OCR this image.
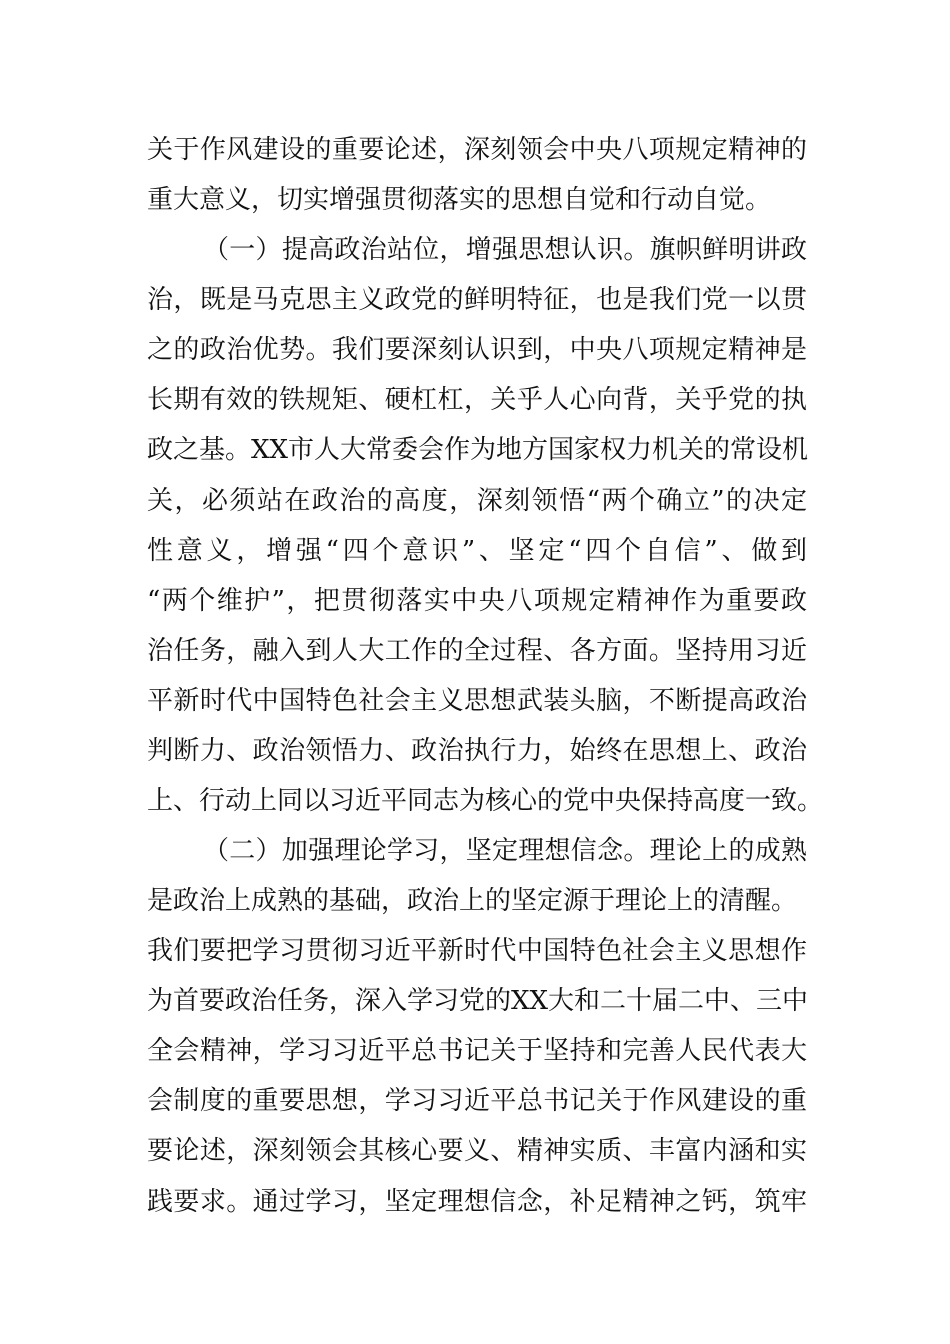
关于作风建设的重要论述，深刻领会中央八项规定精神的
重大意义，切实增强贯彻落实的思想自觉和行动自觉。
（一）提高政治站位，增强思想认识。旗帜鲜明讲政
治，既是马克思主义政党的鲜明特征，也是我们党一以贯
之的政治优势。我们要深刻认识到，中央八项规定精神是
长期有效的铁规矩、硬杠杠，关乎人心向背，关乎党的执
政之基。XX市人大常委会作为地方国家权力机关的常设机
关，必须站在政治的高度，深刻领悟“两个确立”的决定
性意义，增强“四个意识”、坚定“四个自信”、做到
“两个维护”，把贯彻落实中央八项规定精神作为重要政
治任务，融入到人大工作的全过程、各方面。坚持用习近
平新时代中国特色社会主义思想武装头脑，不断提高政治
判断力、政治领悟力、政治执行力，始终在思想上、政治
上、行动上同以习近平同志为核心的党中央保持高度一致。
（二）加强理论学习，坚定理想信念。理论上的成熟
是政治上成熟的基础，政治上的坚定源于理论上的清醒。
我们要把学习贯彻习近平新时代中国特色社会主义思想作
为首要政治任务，深入学习党的XX大和二十届二中、三中
全会精神，学习习近平总书记关于坚持和完善人民代表大
会制度的重要思想，学习习近平总书记关于作风建设的重
要论述，深刻领会其核心要义、精神实质、丰富内涵和实
践要求。通过学习，坚定理想信念，补足精神之钙，筑牢
